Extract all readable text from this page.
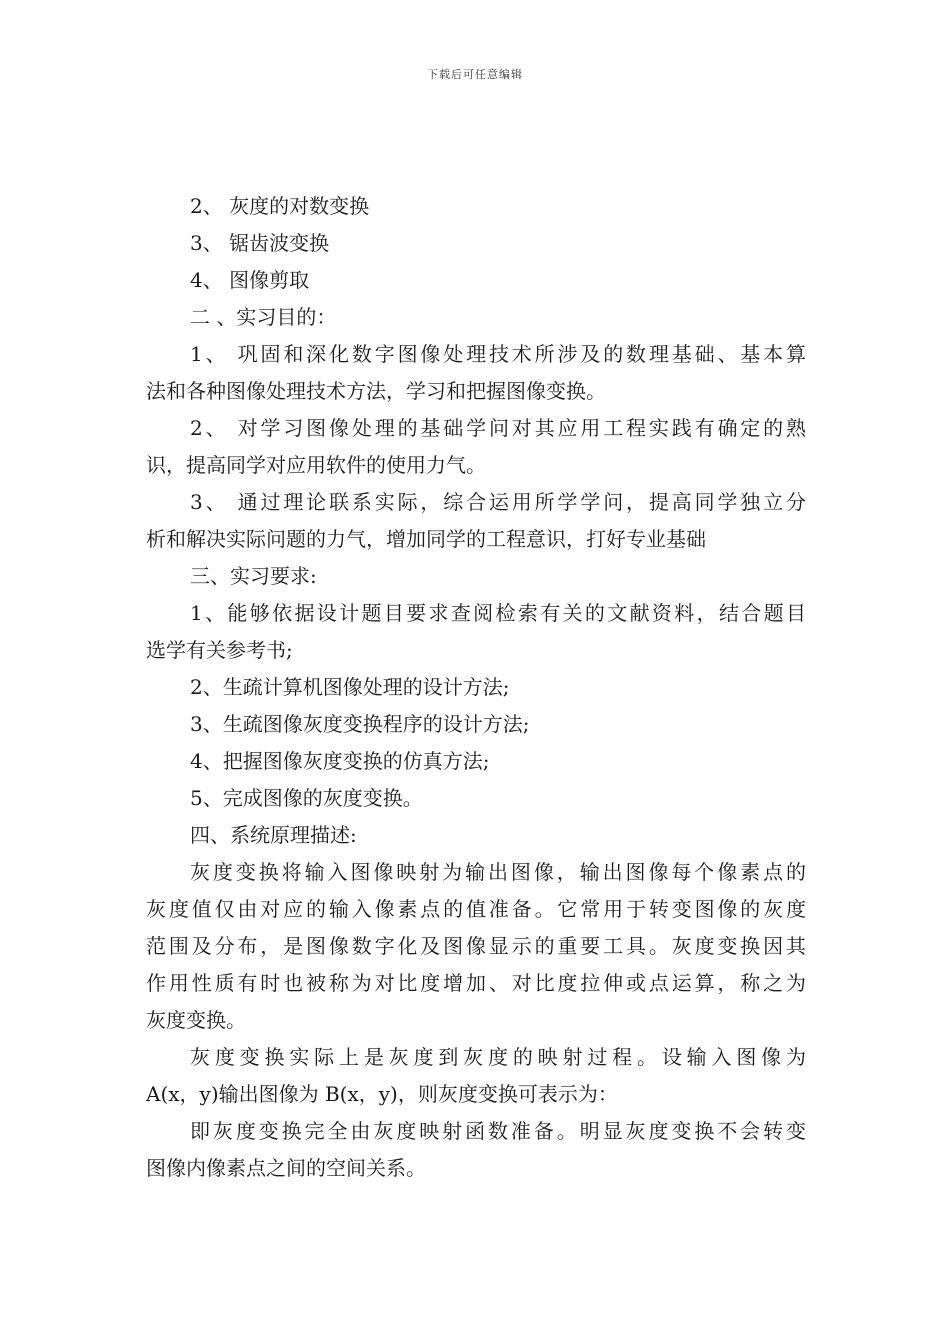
下载后可任意编辑
2、 灰度的对数变换
3、 锯齿波变换
4、 图像剪取
二 、实习目的：
1、 巩固和深化数字图像处理技术所涉及的数理基础、基本算
法和各种图像处理技术方法，学习和把握图像变换。
2、 对学习图像处理的基础学问对其应用工程实践有确定的熟
识，提高同学对应用软件的使用力气。
3、 通过理论联系实际，综合运用所学学问，提高同学独立分
析和解决实际问题的力气，增加同学的工程意识，打好专业基础
三、实习要求:
1、能够依据设计题目要求查阅检索有关的文献资料，结合题目
选学有关参考书;
2、生疏计算机图像处理的设计方法;
3、生疏图像灰度变换程序的设计方法;
4、把握图像灰度变换的仿真方法;
5、完成图像的灰度变换。
四、系统原理描述:
灰度变换将输入图像映射为输出图像，输出图像每个像素点的
灰度值仅由对应的输入像素点的值准备。它常用于转变图像的灰度
范围及分布，是图像数字化及图像显示的重要工具。灰度变换因其
作用性质有时也被称为对比度增加、对比度拉伸或点运算，称之为
灰度变换。
灰度变换实际上是灰度到灰度的映射过程。设输入图像为
A(x，y)输出图像为 B(x，y)，则灰度变换可表示为：
即灰度变换完全由灰度映射函数准备。明显灰度变换不会转变
图像内像素点之间的空间关系。
